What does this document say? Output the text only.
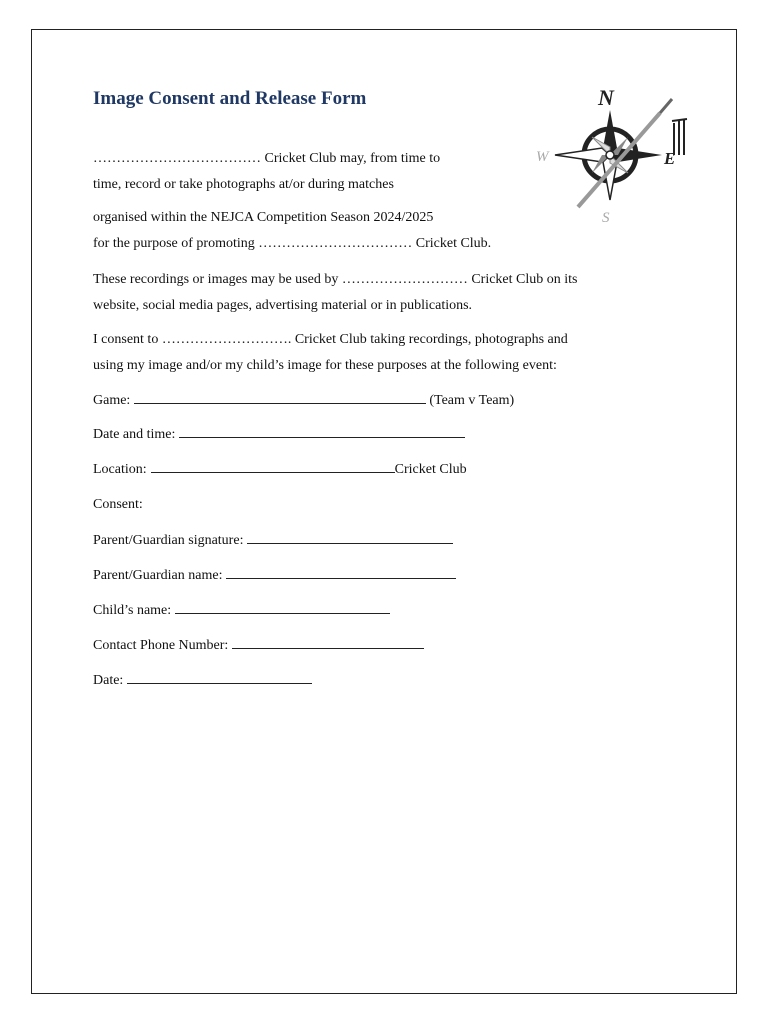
Image Consent and Release Form	N
E
S
W

……………………………… Cricket Club may, from time to

time, record or take photographs at/or during matches

organised within the NEJCA Competition Season 2024/2025

for the purpose of promoting …………………………… Cricket Club.

These recordings or images may be used by ……………………… Cricket Club on its

website, social media pages, advertising material or in publications.

I consent to ………………………. Cricket Club taking recordings, photographs and

using my image and/or my child’s image for these purposes at the following event:

Game:	(Team v Team)

Date and time:

Location:	Cricket Club

Consent:

Parent/Guardian signature:

Parent/Guardian name:

Child’s name:

Contact Phone Number:

Date:
